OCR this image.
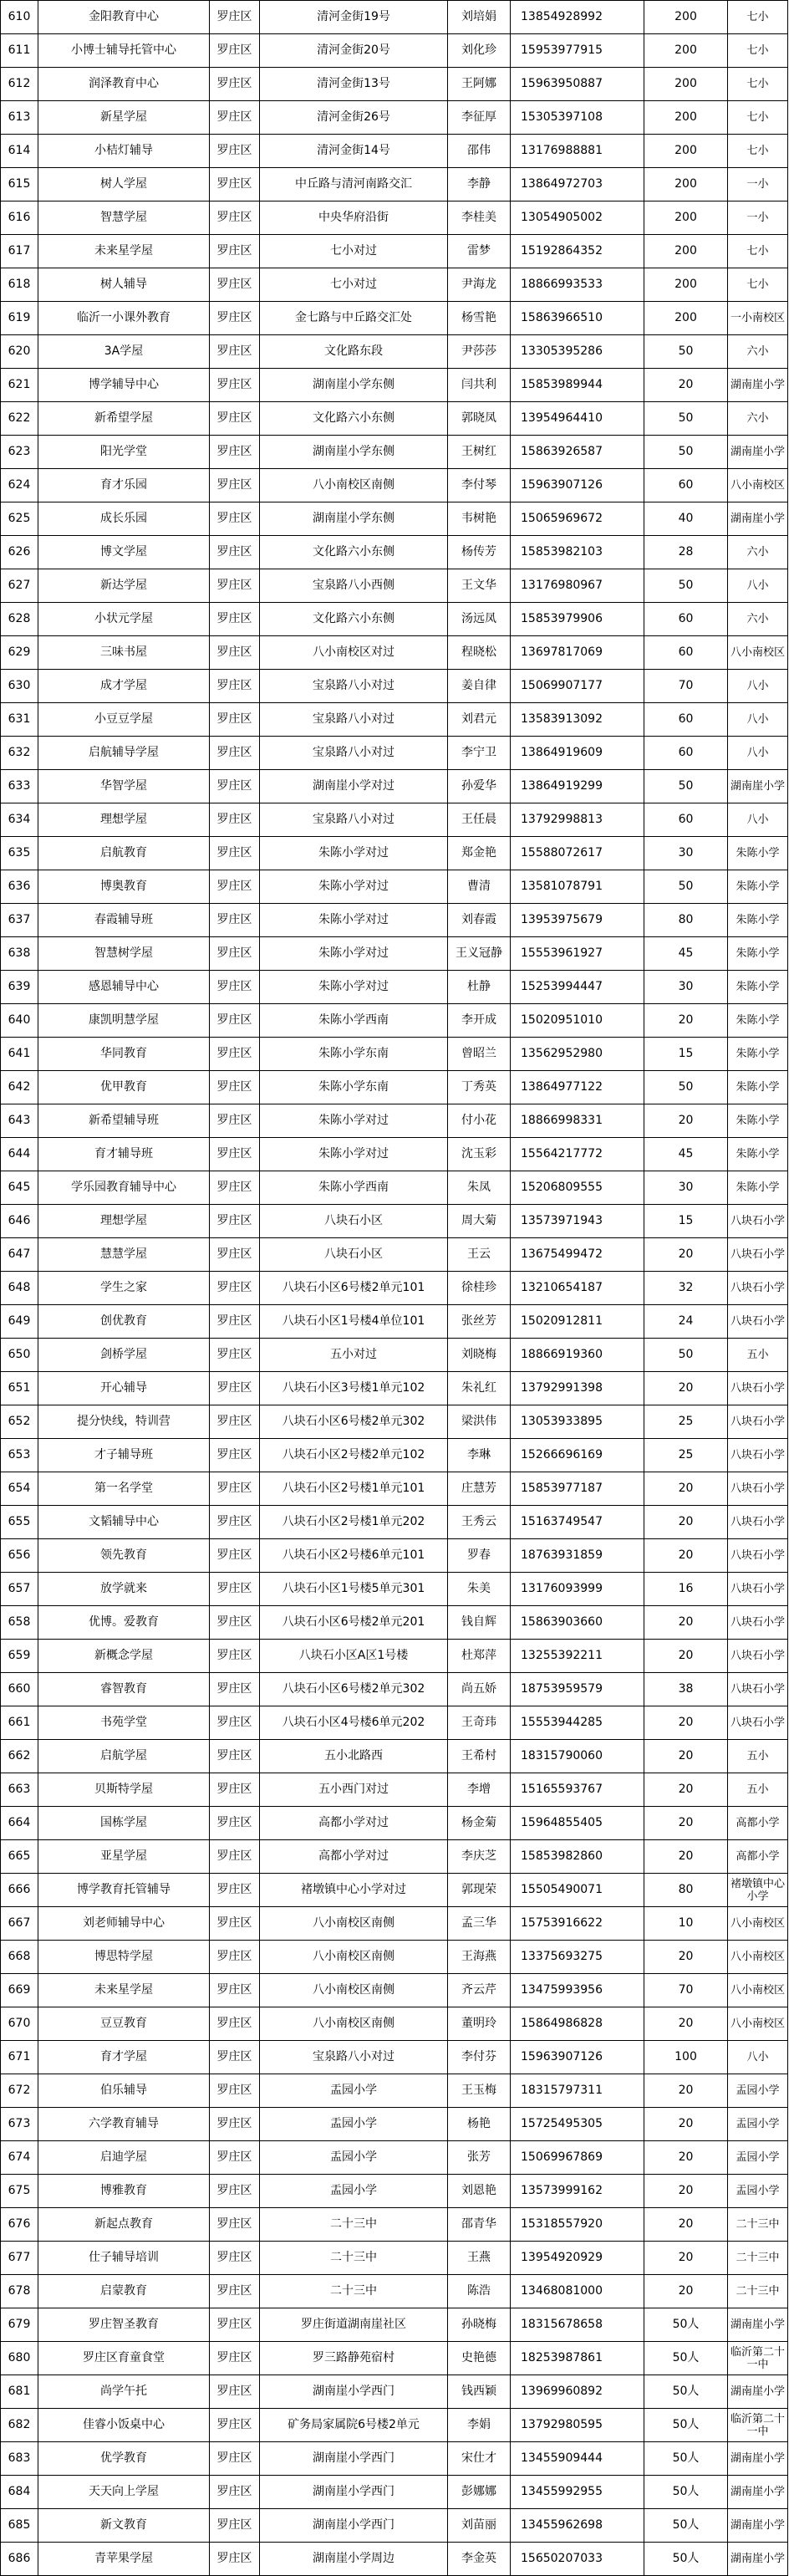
610	金阳教育中心	罗庄区	清河金街19号	刘培娟	13854928992	200	七小
611	小博士辅导托管中心	罗庄区	清河金街20号	刘化珍	15953977915	200	七小
612	润泽教育中心	罗庄区	清河金街13号	王阿娜	15963950887	200	七小
613	新星学屋	罗庄区	清河金街26号	李征厚	15305397108	200	七小
614	小桔灯辅导	罗庄区	清河金街14号	邵伟	13176988881	200	七小
615	树人学屋	罗庄区	中丘路与清河南路交汇	李静	13864972703	200	一小
616	智慧学屋	罗庄区	中央华府沿街	李桂美	13054905002	200	一小
617	未来星学屋	罗庄区	七小对过	雷梦	15192864352	200	七小
618	树人辅导	罗庄区	七小对过	尹海龙	18866993533	200	七小
619	临沂一小课外教育	罗庄区	金七路与中丘路交汇处	杨雪艳	15863966510	200	一小南校区
620	3A学屋	罗庄区	文化路东段	尹莎莎	13305395286	50	六小
621	博学辅导中心	罗庄区	湖南崖小学东侧	闫共利	15853989944	20	湖南崖小学
622	新希望学屋	罗庄区	文化路六小东侧	郭晓凤	13954964410	50	六小
623	阳光学堂	罗庄区	湖南崖小学东侧	王树红	15863926587	50	湖南崖小学
624	育才乐园	罗庄区	八小南校区南侧	李付琴	15963907126	60	八小南校区
625	成长乐园	罗庄区	湖南崖小学东侧	韦树艳	15065969672	40	湖南崖小学
626	博文学屋	罗庄区	文化路六小东侧	杨传芳	15853982103	28	六小
627	新达学屋	罗庄区	宝泉路八小西侧	王文华	13176980967	50	八小
628	小状元学屋	罗庄区	文化路六小东侧	汤远凤	15853979906	60	六小
629	三味书屋	罗庄区	八小南校区对过	程晓松	13697817069	60	八小南校区
630	成才学屋	罗庄区	宝泉路八小对过	姜自律	15069907177	70	八小
631	小豆豆学屋	罗庄区	宝泉路八小对过	刘君元	13583913092	60	八小
632	启航辅导学屋	罗庄区	宝泉路八小对过	李宁卫	13864919609	60	八小
633	华智学屋	罗庄区	湖南崖小学对过	孙爱华	13864919299	50	湖南崖小学
634	理想学屋	罗庄区	宝泉路八小对过	王任晨	13792998813	60	八小
635	启航教育	罗庄区	朱陈小学对过	郑金艳	15588072617	30	朱陈小学
636	博奥教育	罗庄区	朱陈小学对过	曹清	13581078791	50	朱陈小学
637	春霞辅导班	罗庄区	朱陈小学对过	刘春霞	13953975679	80	朱陈小学
638	智慧树学屋	罗庄区	朱陈小学对过	王义冠静	15553961927	45	朱陈小学
639	感恩辅导中心	罗庄区	朱陈小学对过	杜静	15253994447	30	朱陈小学
640	康凯明慧学屋	罗庄区	朱陈小学西南	李开成	15020951010	20	朱陈小学
641	华同教育	罗庄区	朱陈小学东南	曾昭兰	13562952980	15	朱陈小学
642	优甲教育	罗庄区	朱陈小学东南	丁秀英	13864977122	50	朱陈小学
643	新希望辅导班	罗庄区	朱陈小学对过	付小花	18866998331	20	朱陈小学
644	育才辅导班	罗庄区	朱陈小学对过	沈玉彩	15564217772	45	朱陈小学
645	学乐园教育辅导中心	罗庄区	朱陈小学西南	朱凤	15206809555	30	朱陈小学
646	理想学屋	罗庄区	八块石小区	周大菊	13573971943	15	八块石小学
647	慧慧学屋	罗庄区	八块石小区	王云	13675499472	20	八块石小学
648	学生之家	罗庄区	八块石小区6号楼2单元101	徐桂珍	13210654187	32	八块石小学
649	创优教育	罗庄区	八块石小区1号楼4单位101	张丝芳	15020912811	24	八块石小学
650	剑桥学屋	罗庄区	五小对过	刘晓梅	18866919360	50	五小
651	开心辅导	罗庄区	八块石小区3号楼1单元102	朱礼红	13792991398	20	八块石小学
652	提分快线，特训营	罗庄区	八块石小区6号楼2单元302	梁洪伟	13053933895	25	八块石小学
653	才子辅导班	罗庄区	八块石小区2号楼2单元102	李琳	15266696169	25	八块石小学
654	第一名学堂	罗庄区	八块石小区2号楼1单元101	庄慧芳	15853977187	20	八块石小学
655	文韬辅导中心	罗庄区	八块石小区2号楼1单元202	王秀云	15163749547	20	八块石小学
656	领先教育	罗庄区	八块石小区2号楼6单元101	罗春	18763931859	20	八块石小学
657	放学就来	罗庄区	八块石小区1号楼5单元301	朱美	13176093999	16	八块石小学
658	优博。爱教育	罗庄区	八块石小区6号楼2单元201	钱自辉	15863903660	20	八块石小学
659	新概念学屋	罗庄区	八块石小区A区1号楼	杜郑萍	13255392211	20	八块石小学
660	睿智教育	罗庄区	八块石小区6号楼2单元302	尚五娇	18753959579	38	八块石小学
661	书苑学堂	罗庄区	八块石小区4号楼6单元202	王奇玮	15553944285	20	八块石小学
662	启航学屋	罗庄区	五小北路西	王希村	18315790060	20	五小
663	贝斯特学屋	罗庄区	五小西门对过	李增	15165593767	20	五小
664	国栋学屋	罗庄区	高都小学对过	杨金菊	15964855405	20	高都小学
665	亚星学屋	罗庄区	高都小学对过	李庆芝	15853982860	20	高都小学
666	博学教育托管辅导	罗庄区	褚墩镇中心小学对过	郭现荣	15505490071	80	褚墩镇中心小学
667	刘老师辅导中心	罗庄区	八小南校区南侧	孟三华	15753916622	10	八小南校区
668	博思特学屋	罗庄区	八小南校区南侧	王海燕	13375693275	20	八小南校区
669	未来星学屋	罗庄区	八小南校区南侧	齐云芹	13475993956	70	八小南校区
670	豆豆教育	罗庄区	八小南校区南侧	董明玲	15864986828	20	八小南校区
671	育才学屋	罗庄区	宝泉路八小对过	李付芬	15963907126	100	八小
672	伯乐辅导	罗庄区	盂园小学	王玉梅	18315797311	20	盂园小学
673	六学教育辅导	罗庄区	盂园小学	杨艳	15725495305	20	盂园小学
674	启迪学屋	罗庄区	盂园小学	张芳	15069967869	20	盂园小学
675	博雅教育	罗庄区	盂园小学	刘恩艳	13573999162	20	盂园小学
676	新起点教育	罗庄区	二十三中	邵青华	15318557920	20	二十三中
677	仕子辅导培训	罗庄区	二十三中	王燕	13954920929	20	二十三中
678	启蒙教育	罗庄区	二十三中	陈浩	13468081000	20	二十三中
679	罗庄智圣教育	罗庄区	罗庄街道湖南崖社区	孙晓梅	18315678658	50人	湖南崖小学
680	罗庄区育童食堂	罗庄区	罗三路静苑宿村	史艳德	18253987861	50人	临沂第二十一中
681	尚学午托	罗庄区	湖南崖小学西门	钱西颖	13969960892	50人	湖南崖小学
682	佳睿小饭桌中心	罗庄区	矿务局家属院6号楼2单元	李娟	13792980595	50人	临沂第二十一中
683	优学教育	罗庄区	湖南崖小学西门	宋仕才	13455909444	50人	湖南崖小学
684	天天向上学屋	罗庄区	湖南崖小学西门	彭娜娜	13455992955	50人	湖南崖小学
685	新文教育	罗庄区	湖南崖小学西门	刘苗丽	13455962698	50人	湖南崖小学
686	青苹果学屋	罗庄区	湖南崖小学周边	李金英	15650207033	50人	湖南崖小学
